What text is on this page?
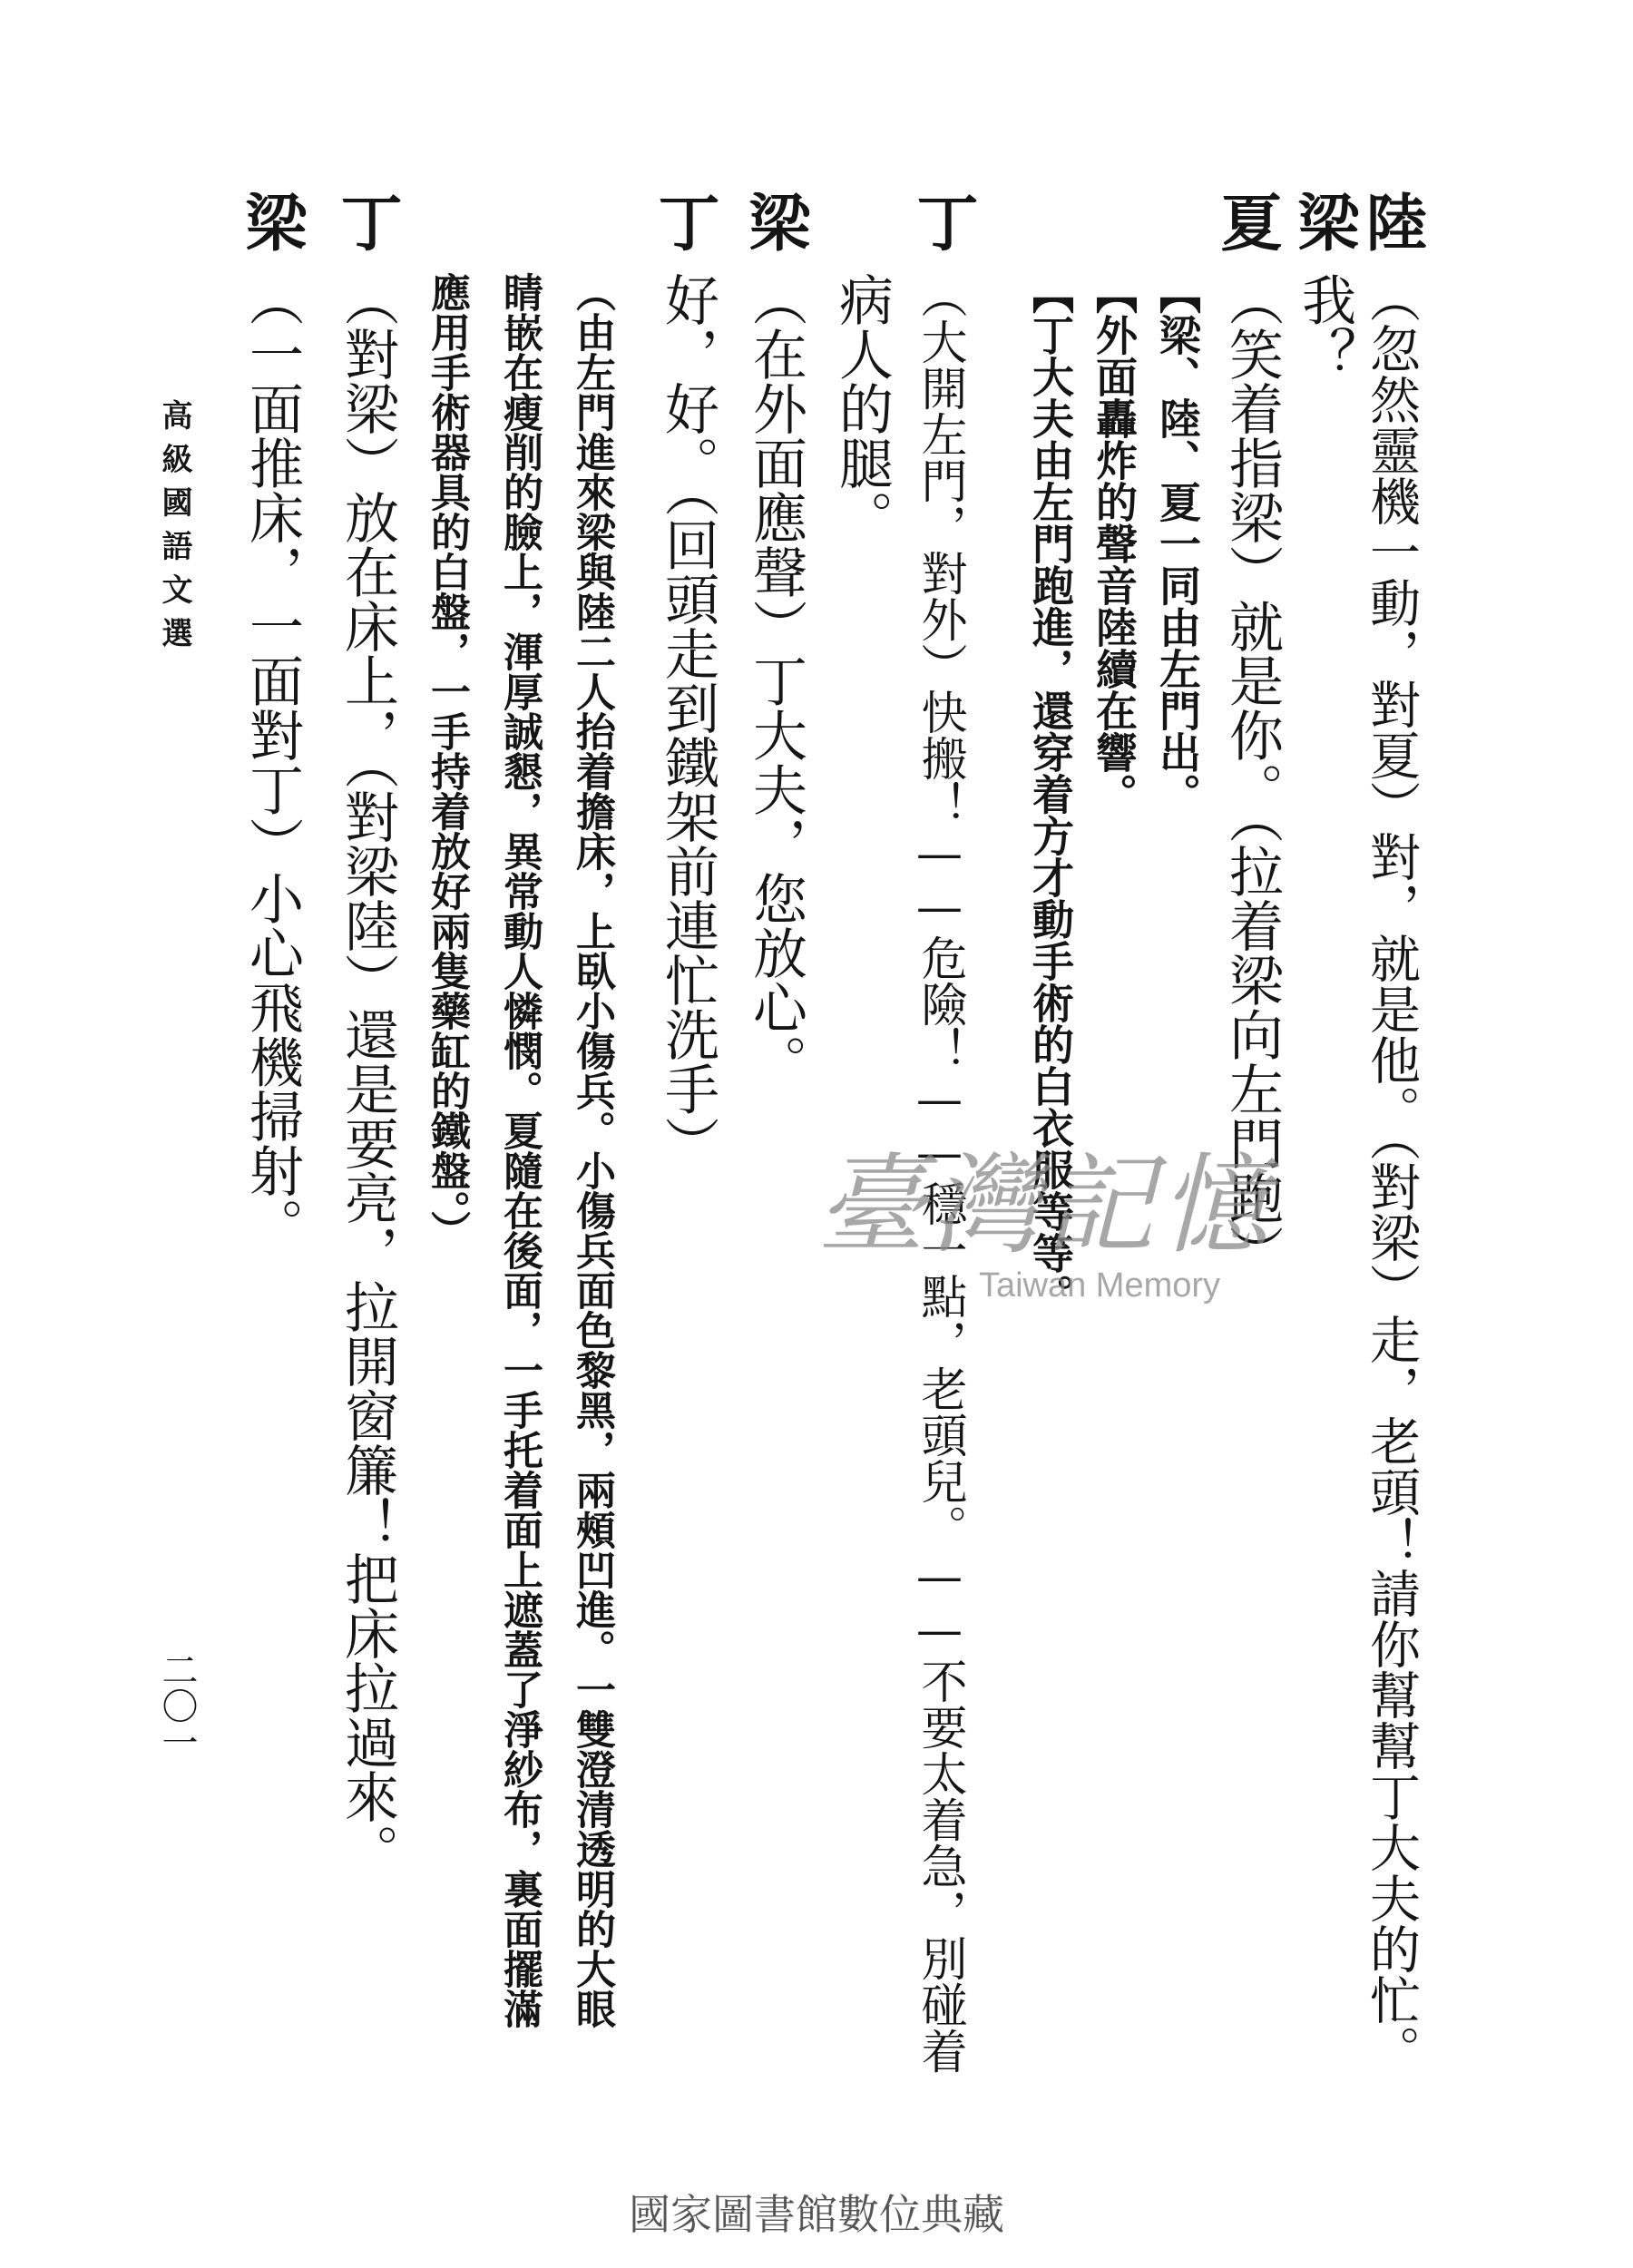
陸
（忽然靈機一動，對夏）對，就是他。（對梁）走，老頭！請你幫幫丁大夫的忙。
梁
我？
夏
（笑着指梁）就是你。（拉着梁向左門跑）
【梁、陸、夏一同由左門出。
【外面轟炸的聲音陸續在響。
【丁大夫由左門跑進，還穿着方才動手術的白衣服等等。
丁
（大開左門，對外）快搬！——危險！——穩一點，老頭兒。——不要太着急，別碰着
病人的腿。
梁
（在外面應聲）丁大夫，您放心。
丁
好，好。（回頭走到鐵架前連忙洗手）
（由左門進來梁與陸二人抬着擔床，上臥小傷兵。小傷兵面色黎黑，兩頰凹進。一雙澄清透明的大眼
睛嵌在瘦削的臉上，渾厚誠懇，異常動人憐憫。夏隨在後面，一手托着面上遮蓋了淨紗布，裏面擺滿
應用手術器具的白盤，一手持着放好兩隻藥缸的鐵盤。）
丁
（對梁）放在床上，（對梁陸）還是要亮，拉開窗簾！把床拉過來。
梁
（一面推床，一面對丁）小心飛機掃射。
高級國語文選
二〇一
臺灣記憶
Taiwan Memory
國家圖書館數位典藏
